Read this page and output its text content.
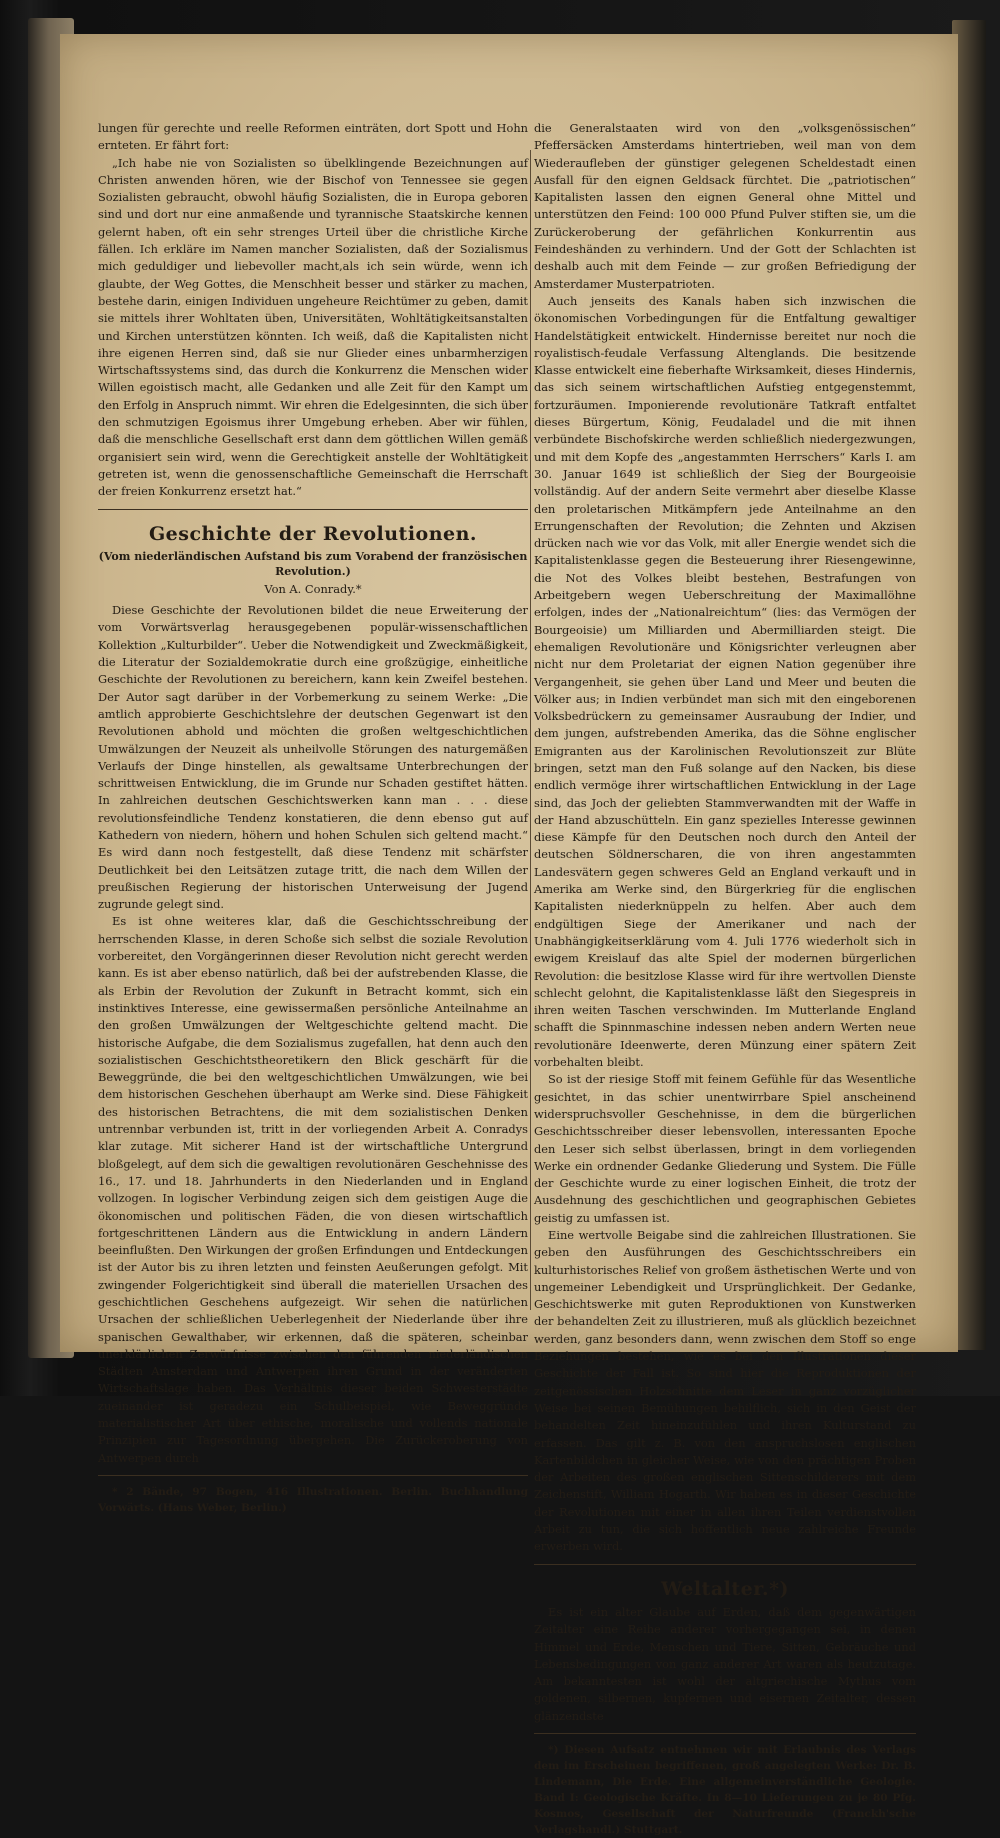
lungen für gerechte und reelle Reformen einträten, dort Spott und Hohn ernteten. Er fährt fort:

„Ich habe nie von Sozialisten so übelklingende Bezeichnungen auf Christen anwenden hören, wie der Bischof von Tennessee sie gegen Sozialisten gebraucht, obwohl häufig Sozialisten, die in Europa geboren sind und dort nur eine anmaßende und tyrannische Staatskirche kennen gelernt haben, oft ein sehr strenges Urteil über die christliche Kirche fällen. Ich erkläre im Namen mancher Sozialisten, daß der Sozialismus mich geduldiger und liebevoller macht,als ich sein würde, wenn ich glaubte, der Weg Gottes, die Menschheit besser und stärker zu machen, bestehe darin, einigen Individuen ungeheure Reichtümer zu geben, damit sie mittels ihrer Wohltaten üben, Universitäten, Wohltätigkeitsanstalten und Kirchen unterstützen könnten. Ich weiß, daß die Kapitalisten nicht ihre eigenen Herren sind, daß sie nur Glieder eines unbarmherzigen Wirtschaftssystems sind, das durch die Konkurrenz die Menschen wider Willen egoistisch macht, alle Gedanken und alle Zeit für den Kampt um den Erfolg in Anspruch nimmt. Wir ehren die Edelgesinnten, die sich über den schmutzigen Egoismus ihrer Umgebung erheben. Aber wir fühlen, daß die menschliche Gesellschaft erst dann dem göttlichen Willen gemäß organisiert sein wird, wenn die Gerechtigkeit anstelle der Wohltätigkeit getreten ist, wenn die genossenschaftliche Gemeinschaft die Herrschaft der freien Konkurrenz ersetzt hat.“

Geschichte der Revolutionen.
(Vom niederländischen Aufstand bis zum Vorabend der französischen Revolution.)
Von A. Conrady.*

Diese Geschichte der Revolutionen bildet die neue Erweiterung der vom Vorwärtsverlag herausgegebenen populär-wissenschaftlichen Kollektion „Kulturbilder“. Ueber die Notwendigkeit und Zweckmäßigkeit, die Literatur der Sozialdemokratie durch eine großzügige, einheitliche Geschichte der Revolutionen zu bereichern, kann kein Zweifel bestehen. Der Autor sagt darüber in der Vorbemerkung zu seinem Werke: „Die amtlich approbierte Geschichtslehre der deutschen Gegenwart ist den Revolutionen abhold und möchten die großen weltgeschichtlichen Umwälzungen der Neuzeit als unheilvolle Störungen des naturgemäßen Verlaufs der Dinge hinstellen, als gewaltsame Unterbrechungen der schrittweisen Entwicklung, die im Grunde nur Schaden gestiftet hätten. In zahlreichen deutschen Geschichtswerken kann man . . . diese revolutionsfeindliche Tendenz konstatieren, die denn ebenso gut auf Kathedern von niedern, höhern und hohen Schulen sich geltend macht.“ Es wird dann noch festgestellt, daß diese Tendenz mit schärfster Deutlichkeit bei den Leitsätzen zutage tritt, die nach dem Willen der preußischen Regierung der historischen Unterweisung der Jugend zugrunde gelegt sind.

Es ist ohne weiteres klar, daß die Geschichtsschreibung der herrschenden Klasse, in deren Schoße sich selbst die soziale Revolution vorbereitet, den Vorgängerinnen dieser Revolution nicht gerecht werden kann. Es ist aber ebenso natürlich, daß bei der aufstrebenden Klasse, die als Erbin der Revolution der Zukunft in Betracht kommt, sich ein instinktives Interesse, eine gewissermaßen persönliche Anteilnahme an den großen Umwälzungen der Weltgeschichte geltend macht. Die historische Aufgabe, die dem Sozialismus zugefallen, hat denn auch den sozialistischen Geschichtstheoretikern den Blick geschärft für die Beweggründe, die bei den weltgeschichtlichen Umwälzungen, wie bei dem historischen Geschehen überhaupt am Werke sind. Diese Fähigkeit des historischen Betrachtens, die mit dem sozialistischen Denken untrennbar verbunden ist, tritt in der vorliegenden Arbeit A. Conradys klar zutage. Mit sicherer Hand ist der wirtschaftliche Untergrund bloßgelegt, auf dem sich die gewaltigen revolutionären Geschehnisse des 16., 17. und 18. Jahrhunderts in den Niederlanden und in England vollzogen. In logischer Verbindung zeigen sich dem geistigen Auge die ökonomischen und politischen Fäden, die von diesen wirtschaftlich fortgeschrittenen Ländern aus die Entwicklung in andern Ländern beeinflußten. Den Wirkungen der großen Erfindungen und Entdeckungen ist der Autor bis zu ihren letzten und feinsten Aeußerungen gefolgt. Mit zwingender Folgerichtigkeit sind überall die materiellen Ursachen des geschichtlichen Geschehens aufgezeigt. Wir sehen die natürlichen Ursachen der schließlichen Ueberlegenheit der Niederlande über ihre spanischen Gewalthaber, wir erkennen, daß die späteren, scheinbar unerklärlichen Zerwürfnisse zwischen den führenden niederländischen Städten Amsterdam und Antwerpen ihren Grund in der veränderten Wirtschaftslage haben. Das Verhältnis dieser beiden Schwesterstädte zueinander ist geradezu ein Schulbeispiel, wie Beweggründe materialistischer Art über ethische, moralische und vollends nationale Prinzipien zur Tagesordnung übergehen. Die Zurückeroberung von Antwerpen durch

* 2 Bände, 97 Bogen, 416 Illustrationen. Berlin. Buchhandlung Vorwärts. (Hans Weber, Berlin.)

die Generalstaaten wird von den „volksgenössischen“ Pfeffersäcken Amsterdams hintertrieben, weil man von dem Wiederaufleben der günstiger gelegenen Scheldestadt einen Ausfall für den eignen Geldsack fürchtet. Die „patriotischen“ Kapitalisten lassen den eignen General ohne Mittel und unterstützen den Feind: 100 000 Pfund Pulver stiften sie, um die Zurückeroberung der gefährlichen Konkurrentin aus Feindeshänden zu verhindern. Und der Gott der Schlachten ist deshalb auch mit dem Feinde — zur großen Befriedigung der Amsterdamer Musterpatrioten.

Auch jenseits des Kanals haben sich inzwischen die ökonomischen Vorbedingungen für die Entfaltung gewaltiger Handelstätigkeit entwickelt. Hindernisse bereitet nur noch die royalistisch-feudale Verfassung Altenglands. Die besitzende Klasse entwickelt eine fieberhafte Wirksamkeit, dieses Hindernis, das sich seinem wirtschaftlichen Aufstieg entgegenstemmt, fortzuräumen. Imponierende revolutionäre Tatkraft entfaltet dieses Bürgertum, König, Feudaladel und die mit ihnen verbündete Bischofskirche werden schließlich niedergezwungen, und mit dem Kopfe des „angestammten Herrschers“ Karls I. am 30. Januar 1649 ist schließlich der Sieg der Bourgeoisie vollständig. Auf der andern Seite vermehrt aber dieselbe Klasse den proletarischen Mitkämpfern jede Anteilnahme an den Errungenschaften der Revolution; die Zehnten und Akzisen drücken nach wie vor das Volk, mit aller Energie wendet sich die Kapitalistenklasse gegen die Besteuerung ihrer Riesengewinne, die Not des Volkes bleibt bestehen, Bestrafungen von Arbeitgebern wegen Ueberschreitung der Maximallöhne erfolgen, indes der „Nationalreichtum“ (lies: das Vermögen der Bourgeoisie) um Milliarden und Abermilliarden steigt. Die ehemaligen Revolutionäre und Königsrichter verleugnen aber nicht nur dem Proletariat der eignen Nation gegenüber ihre Vergangenheit, sie gehen über Land und Meer und beuten die Völker aus; in Indien verbündet man sich mit den eingeborenen Volksbedrückern zu gemeinsamer Ausraubung der Indier, und dem jungen, aufstrebenden Amerika, das die Söhne englischer Emigranten aus der Karolinischen Revolutionszeit zur Blüte bringen, setzt man den Fuß solange auf den Nacken, bis diese endlich vermöge ihrer wirtschaftlichen Entwicklung in der Lage sind, das Joch der geliebten Stammverwandten mit der Waffe in der Hand abzuschütteln. Ein ganz spezielles Interesse gewinnen diese Kämpfe für den Deutschen noch durch den Anteil der deutschen Söldnerscharen, die von ihren angestammten Landesvätern gegen schweres Geld an England verkauft und in Amerika am Werke sind, den Bürgerkrieg für die englischen Kapitalisten niederknüppeln zu helfen. Aber auch dem endgültigen Siege der Amerikaner und nach der Unabhängigkeitserklärung vom 4. Juli 1776 wiederholt sich in ewigem Kreislauf das alte Spiel der modernen bürgerlichen Revolution: die besitzlose Klasse wird für ihre wertvollen Dienste schlecht gelohnt, die Kapitalistenklasse läßt den Siegespreis in ihren weiten Taschen verschwinden. Im Mutterlande England schafft die Spinnmaschine indessen neben andern Werten neue revolutionäre Ideenwerte, deren Münzung einer spätern Zeit vorbehalten bleibt.

So ist der riesige Stoff mit feinem Gefühle für das Wesentliche gesichtet, in das schier unentwirrbare Spiel anscheinend widerspruchsvoller Geschehnisse, in dem die bürgerlichen Geschichtsschreiber dieser lebensvollen, interessanten Epoche den Leser sich selbst überlassen, bringt in dem vorliegenden Werke ein ordnender Gedanke Gliederung und System. Die Fülle der Geschichte wurde zu einer logischen Einheit, die trotz der Ausdehnung des geschichtlichen und geographischen Gebietes geistig zu umfassen ist.

Eine wertvolle Beigabe sind die zahlreichen Illustrationen. Sie geben den Ausführungen des Geschichtsschreibers ein kulturhistorisches Relief von großem ästhetischen Werte und von ungemeiner Lebendigkeit und Ursprünglichkeit. Der Gedanke, Geschichtswerke mit guten Reproduktionen von Kunstwerken der behandelten Zeit zu illustrieren, muß als glücklich bezeichnet werden, ganz besonders dann, wenn zwischen dem Stoff so enge Beziehungen bestehen, wie es bei den Illustrationen dieser Geschichte der Fall ist. So sind hier die Reproduktionen der zeitgenössischen Holzschnitte dem Leser in ganz vorzüglicher Weise bei seinen Bemühungen behilflich, sich in den Geist der behandelten Zeit hineinzufühlen und ihren Kulturstand zu erfassen. Das gilt z. B. von den anspruchslosen englischen Kartenbildchen in gleicher Weise, wie von den prächtigen Proben der Arbeiten des großen englischen Sittenschilderers mit dem Zeichenstift, William Hogarth. Wir haben es in dieser Geschichte der Revolutionen mit einer in allen ihren Teilen verdienstvollen Arbeit zu tun, die sich hoffentlich neue zahlreiche Freunde erwerben wird.

Weltalter.*)

Es ist ein alter Glaube auf Erden, daß dem gegenwärtigen Zeitalter eine Reihe anderer vorhergegangen sei, in denen Himmel und Erde, Menschen und Tiere, Sitten, Gebräuche und Lebensbedingungen von ganz anderer Art waren als heutzutage. Am bekanntesten ist wohl der altgriechische Mythus vom goldenen, silbernen, kupfernen und eisernen Zeitalter, dessen glänzendste

*) Diesen Aufsatz entnehmen wir mit Erlaubnis des Verlags dem im Erscheinen begriffenen, groß angelegten Werke: Dr. B. Lindemann, Die Erde. Eine allgemeinverständliche Geologie. Band I: Geologische Kräfte. In 8—10 Lieferungen zu je 80 Pfg. Kosmos, Gesellschaft der Naturfreunde (Franckh'sche Verlagshandl.) Stuttgart.
